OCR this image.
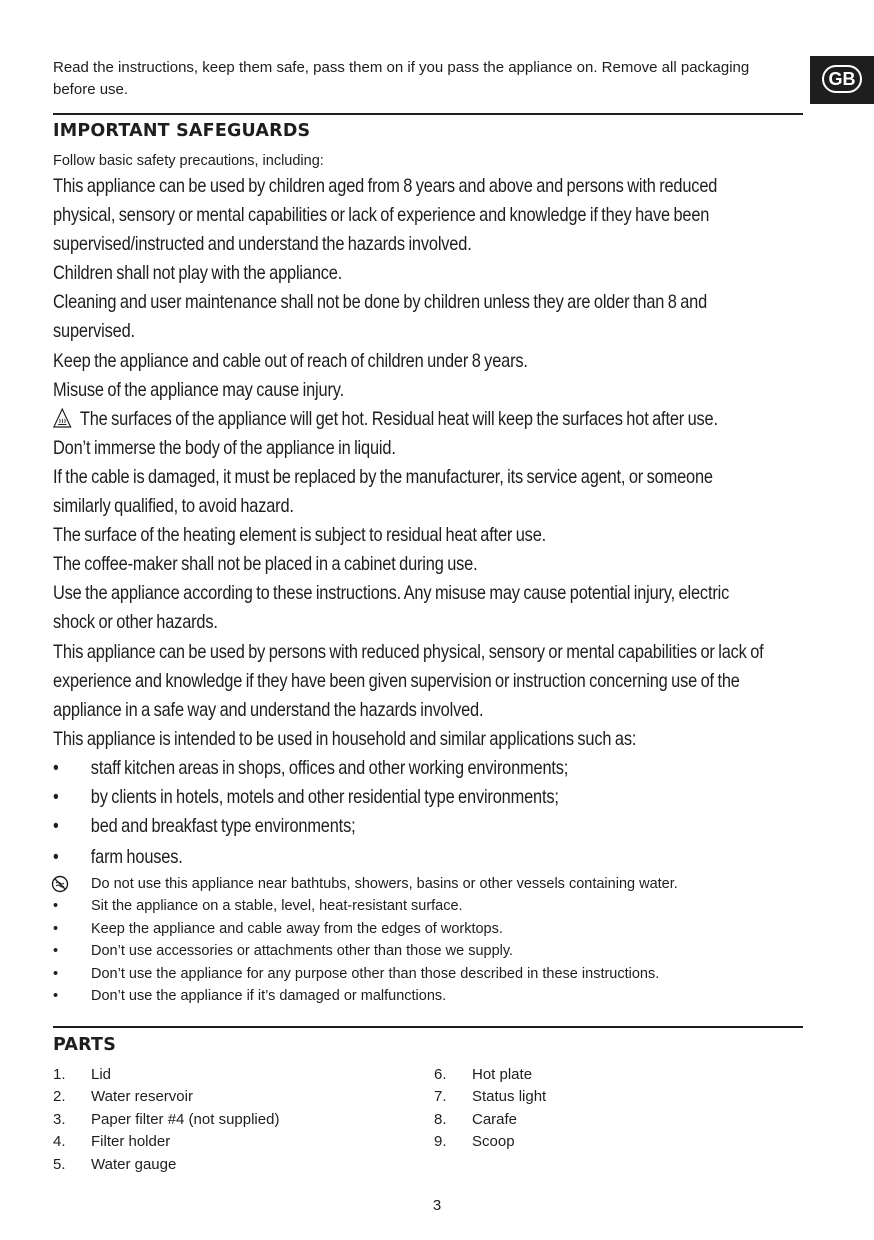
GB
Read the instructions, keep them safe, pass them on if you pass the appliance on. Remove all packaging before use.
IMPORTANT SAFEGUARDS
Follow basic safety precautions, including:

This appliance can be used by children aged from 8 years and above and persons with reduced

physical, sensory or mental capabilities or lack of experience and knowledge if they have been

supervised/instructed and understand the hazards involved.

Children shall not play with the appliance.

Cleaning and user maintenance shall not be done by children unless they are older than 8 and

supervised.

Keep the appliance and cable out of reach of children under 8 years.

Misuse of the appliance may cause injury.

The surfaces of the appliance will get hot. Residual heat will keep the surfaces hot after use.

Don’t immerse the body of the appliance in liquid.

If the cable is damaged, it must be replaced by the manufacturer, its service agent, or someone

similarly qualified, to avoid hazard.

The surface of the heating element is subject to residual heat after use.

The coffee-maker shall not be placed in a cabinet during use.

Use the appliance according to these instructions. Any misuse may cause potential injury, electric

shock or other hazards.

This appliance can be used by persons with reduced physical, sensory or mental capabilities or lack of

experience and knowledge if they have been given supervision or instruction concerning use of the

appliance in a safe way and understand the hazards involved.

This appliance is intended to be used in household and similar applications such as:

• staff kitchen areas in shops, offices and other working environments;
• by clients in hotels, motels and other residential type environments;
• bed and breakfast type environments;
• farm houses.
Do not use this appliance near bathtubs, showers, basins or other vessels containing water.
•	Sit the appliance on a stable, level, heat-resistant surface.
•	Keep the appliance and cable away from the edges of worktops.
•	Don’t use accessories or attachments other than those we supply.
•	Don’t use the appliance for any purpose other than those described in these instructions.
•	Don’t use the appliance if it’s damaged or malfunctions.
PARTS
1. Lid
2. Water reservoir
3. Paper filter #4 (not supplied)
4. Filter holder
5. Water gauge
6. Hot plate
7. Status light
8. Carafe
9. Scoop
3
